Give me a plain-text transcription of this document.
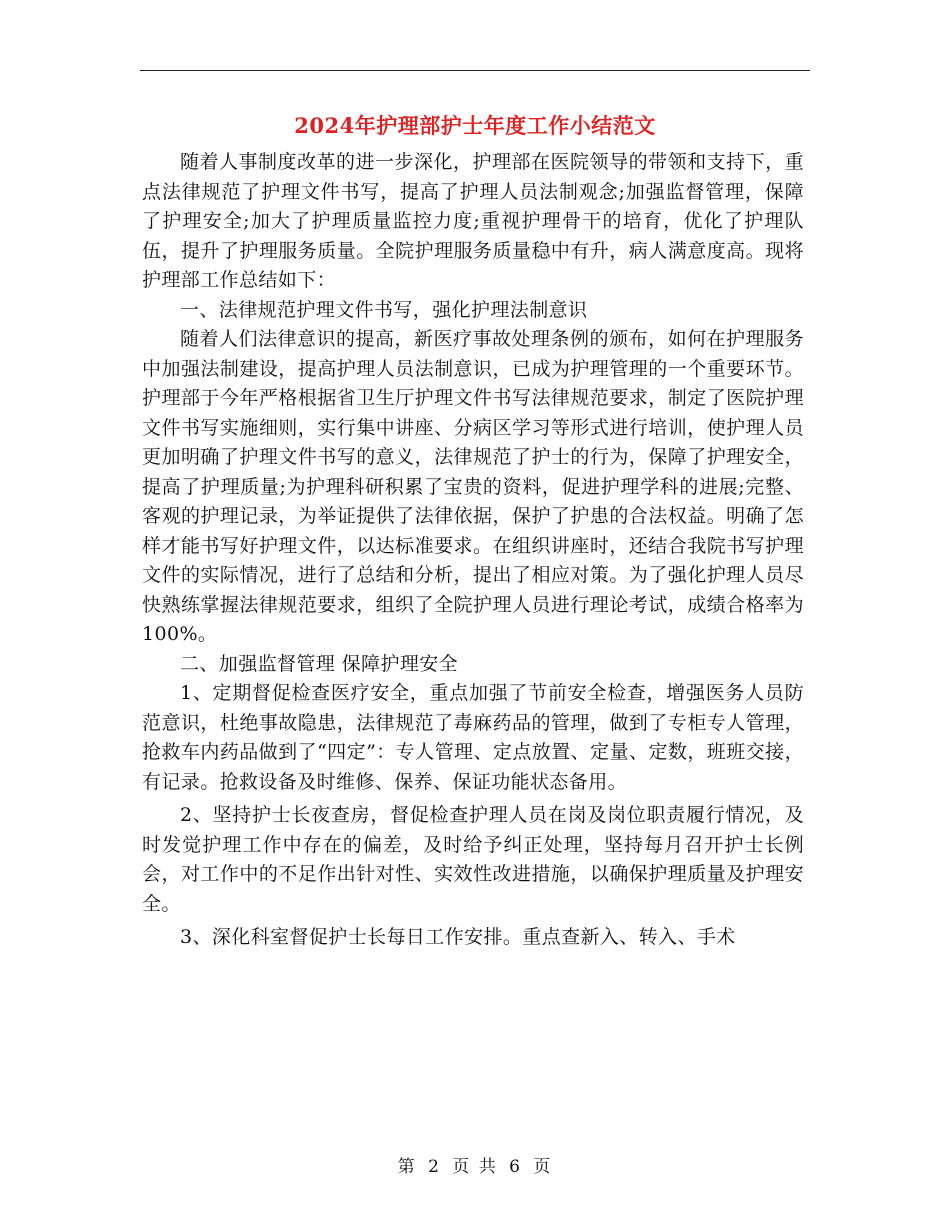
2024年护理部护士年度工作小结范文

随着人事制度改革的进一步深化，护理部在医院领导的带领和支持下，重点法律规范了护理文件书写，提高了护理人员法制观念;加强监督管理，保障了护理安全;加大了护理质量监控力度;重视护理骨干的培育，优化了护理队伍，提升了护理服务质量。全院护理服务质量稳中有升，病人满意度高。现将护理部工作总结如下：

一、法律规范护理文件书写，强化护理法制意识

随着人们法律意识的提高，新医疗事故处理条例的颁布，如何在护理服务中加强法制建设，提高护理人员法制意识，已成为护理管理的一个重要环节。护理部于今年严格根据省卫生厅护理文件书写法律规范要求，制定了医院护理文件书写实施细则，实行集中讲座、分病区学习等形式进行培训，使护理人员更加明确了护理文件书写的意义，法律规范了护士的行为，保障了护理安全，提高了护理质量;为护理科研积累了宝贵的资料，促进护理学科的进展;完整、客观的护理记录，为举证提供了法律依据，保护了护患的合法权益。明确了怎样才能书写好护理文件，以达标准要求。在组织讲座时，还结合我院书写护理文件的实际情况，进行了总结和分析，提出了相应对策。为了强化护理人员尽快熟练掌握法律规范要求，组织了全院护理人员进行理论考试，成绩合格率为100%。

二、加强监督管理 保障护理安全

1、定期督促检查医疗安全，重点加强了节前安全检查，增强医务人员防范意识，杜绝事故隐患，法律规范了毒麻药品的管理，做到了专柜专人管理，抢救车内药品做到了“四定”：专人管理、定点放置、定量、定数，班班交接，有记录。抢救设备及时维修、保养、保证功能状态备用。

2、坚持护士长夜查房，督促检查护理人员在岗及岗位职责履行情况，及时发觉护理工作中存在的偏差，及时给予纠正处理，坚持每月召开护士长例会，对工作中的不足作出针对性、实效性改进措施，以确保护理质量及护理安全。

3、深化科室督促护士长每日工作安排。重点查新入、转入、手术

第 2 页 共 6 页
